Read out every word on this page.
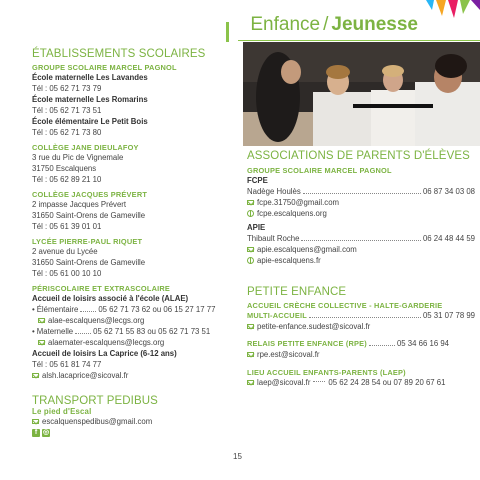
Enfance / Jeunesse
ÉTABLISSEMENTS SCOLAIRES
GROUPE SCOLAIRE MARCEL PAGNOL
École maternelle Les Lavandes
Tél : 05 62 71 73 79
École maternelle Les Romarins
Tél : 05 62 71 73 51
École élémentaire Le Petit Bois
Tél : 05 62 71 73 80
COLLÈGE JANE DIEULAFOY
3 rue du Pic de Vignemale
31750 Escalquens
Tél : 05 62 89 21 10
COLLÈGE JACQUES PRÉVERT
2 impasse Jacques Prévert
31650 Saint-Orens de Gameville
Tél : 05 61 39 01 01
LYCÉE PIERRE-PAUL RIQUET
2 avenue du Lycée
31650 Saint-Orens de Gameville
Tél : 05 61 00 10 10
PÉRISCOLAIRE ET EXTRASCOLAIRE
Accueil de loisirs associé à l'école (ALAE)
• Élémentaire	05 62 71 73 62 ou 06 15 27 17 77
alae-escalquens@lecgs.org
• Maternelle	05 62 71 55 83 ou 05 62 71 73 51
alaemater-escalquens@lecgs.org
Accueil de loisirs La Caprice (6-12 ans)
Tél : 05 61 81 74 77
alsh.lacaprice@sicoval.fr
TRANSPORT PEDIBUS
Le pied d'Escal
escalquenspedibus@gmail.com
f ◎
ASSOCIATIONS DE PARENTS D'ÉLÈVES
GROUPE SCOLAIRE MARCEL PAGNOL
FCPE
Nadège Houlès	06 87 34 03 08
fcpe.31750@gmail.com
fcpe.escalquens.org
APIE
Thibault Roche	06 24 48 44 59
apie.escalquens@gmail.com
apie-escalquens.fr
PETITE ENFANCE
ACCUEIL CRÈCHE COLLECTIVE - HALTE-GARDERIE
MULTI-ACCUEIL	05 31 07 78 99
petite-enfance.sudest@sicoval.fr
RELAIS PETITE ENFANCE (RPE)	05 34 66 16 94
rpe.est@sicoval.fr
LIEU ACCUEIL ENFANTS-PARENTS (LAEP)
laep@sicoval.fr 05 62 24 28 54 ou 07 89 20 67 61
15
